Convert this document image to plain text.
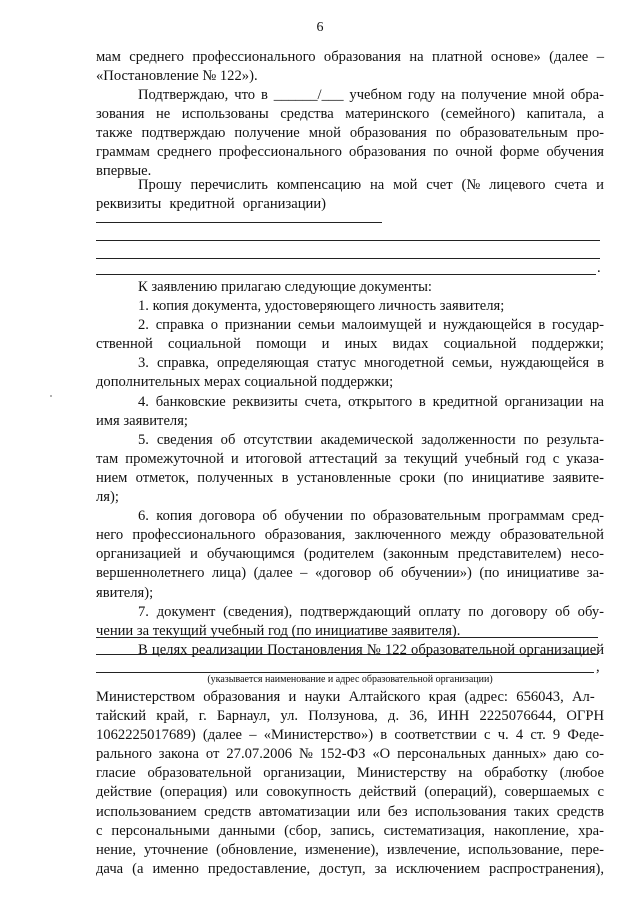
6
мам среднего профессионального образования на платной основе» (далее –
«Постановление № 122»).
Подтверждаю, что в ______/___ учебном году на получение мной обра-
зования не использованы средства материнского (семейного) капитала, а
также подтверждаю получение мной образования по образовательным про-
граммам среднего профессионального образования по очной форме обучения
впервые.
Прошу перечислить компенсацию на мой счет (№ лицевого счета и
реквизиты кредитной организации)
.
К заявлению прилагаю следующие документы:
1. копия документа, удостоверяющего личность заявителя;
2. справка о признании семьи малоимущей и нуждающейся в государ-
ственной социальной помощи и иных видах социальной поддержки;
3. справка, определяющая статус многодетной семьи, нуждающейся в
дополнительных мерах социальной поддержки;
4. банковские реквизиты счета, открытого в кредитной организации на
имя заявителя;
5. сведения об отсутствии академической задолженности по результа-
там промежуточной и итоговой аттестаций за текущий учебный год с указа-
нием отметок, полученных в установленные сроки (по инициативе заявите-
ля);
6. копия договора об обучении по образовательным программам сред-
него профессионального образования, заключенного между образовательной
организацией и обучающимся (родителем (законным представителем) несо-
вершеннолетнего лица) (далее – «договор об обучении») (по инициативе за-
явителя);
7. документ (сведения), подтверждающий оплату по договору об обу-
чении за текущий учебный год (по инициативе заявителя).
В целях реализации Постановления № 122 образовательной организацией
,
(указывается наименование и адрес образовательной организации)
Министерством образования и науки Алтайского края (адрес: 656043, Ал-
тайский край, г. Барнаул, ул. Ползунова, д. 36, ИНН 2225076644, ОГРН
1062225017689) (далее – «Министерство») в соответствии с ч. 4 ст. 9 Феде-
рального закона от 27.07.2006 № 152-ФЗ «О персональных данных» даю со-
гласие образовательной организации, Министерству на обработку (любое
действие (операция) или совокупность действий (операций), совершаемых с
использованием средств автоматизации или без использования таких средств
с персональными данными (сбор, запись, систематизация, накопление, хра-
нение, уточнение (обновление, изменение), извлечение, использование, пере-
дача (а именно предоставление, доступ, за исключением распространения),
